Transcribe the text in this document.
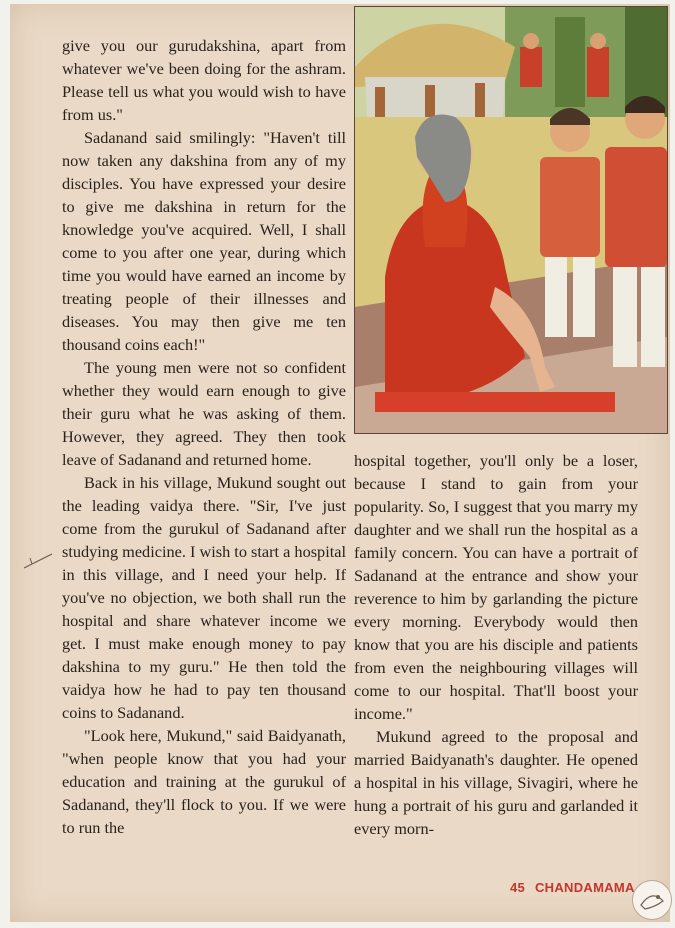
give you our gurudakshina, apart from whatever we've been doing for the ashram. Please tell us what you would wish to have from us."

Sadanand said smilingly: "Haven't till now taken any dakshina from any of my disciples. You have expressed your desire to give me dakshina in return for the knowledge you've acquired. Well, I shall come to you after one year, during which time you would have earned an income by treating people of their illnesses and diseases. You may then give me ten thousand coins each!"

The young men were not so confident whether they would earn enough to give their guru what he was asking of them. However, they agreed. They then took leave of Sadanand and returned home.

Back in his village, Mukund sought out the leading vaidya there. "Sir, I've just come from the gurukul of Sadanand after studying medicine. I wish to start a hospital in this village, and I need your help. If you've no objection, we both shall run the hospital and share whatever income we get. I must make enough money to pay dakshina to my guru." He then told the vaidya how he had to pay ten thousand coins to Sadanand.

"Look here, Mukund," said Baidyanath, "when people know that you had your education and training at the gurukul of Sadanand, they'll flock to you. If we were to run the

hospital together, you'll only be a loser, because I stand to gain from your popularity. So, I suggest that you marry my daughter and we shall run the hospital as a family concern. You can have a portrait of Sadanand at the entrance and show your reverence to him by garlanding the picture every morning. Everybody would then know that you are his disciple and patients from even the neighbouring villages will come to our hospital. That'll boost your income."

Mukund agreed to the proposal and married Baidyanath's daughter. He opened a hospital in his village, Sivagiri, where he hung a portrait of his guru and garlanded it every morn-

45 CHANDAMAMA
